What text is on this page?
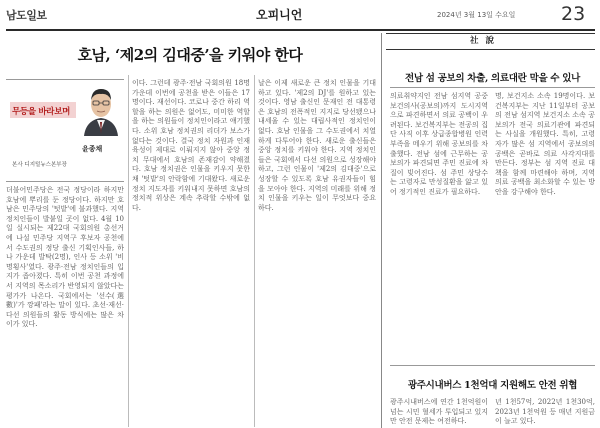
남도일보	오피니언	2024년 3월 13일 수요일 23
호남, ‘제2의 김대중’을 키워야 한다
무등을 바라보며
윤종채
본사 디지털뉴스본부장
더불어민주당은 전국 정당이라 하지만 호남에 뿌리를 둔 정당이다. 하지만 호남은 민주당의 '텃밭'에 불과했다. 지역 정치인들이 발붙일 곳이 없다. 4월 10일 실시되는 제22대 국회의원 총선거에 나설 민주당 지역구 후보자 공천에서 수도권의 정당 출신 기획인사들, 하나 가운데 발탁(2명), 인사 등 소위 '비명횡사'였다. 광주·전남 정치인들의 입지가 좁아졌다. 특히 이번 공천 과정에서 지역의 목소리가 반영되지 않았다는 평가가 나온다. 국회에서는 '선수(選數)'가 깡패'라는 말이 있다. 초선·재선·다선 의원들의 활동 방식에는 많은 차이가 있다.
이다. 그런데 광주·전남 국회의원 18명 가운데 이번에 공천을 받은 이들은 17명이다. 재선이다. 코로나 중간 하리 역할을 하는 의원은 없어도, 미미한 역할을 하는 의원들이 정치인이라고 얘기했다. 소위 호남 정치권의 리더가 보스가 없다는 것이다. 결국 정치 자원과 인재 육성이 제대로 이뤄지지 않아 중앙 정치 무대에서 호남의 존재감이 약해졌다. 호남 정치권은 인물을 키우지 못한 채 '텃밭'의 안락함에 기대왔다. 새로운 정치 지도자를 키워내지 못하면 호남의 정치적 위상은 계속 추락할 수밖에 없다.
날은 이제 새로운 큰 정치 인물을 기대하고 있다. '제2의 DJ'를 원하고 있는 것이다. 영남 출신인 문재인 전 대통령은 호남의 전폭적인 지지로 당선됐으나 내세울 수 있는 대립사적인 정치인이 없다. 호남 인물을 그 수도권에서 치열하게 다투어야 한다. 새로운 출신들은 중앙 정치를 키워야 한다. 지역 정치인들은 국회에서 다선 의원으로 성장해야 하고, 그런 인물이 '제2의 김대중'으로 성장할 수 있도록 호남 유권자들이 힘을 모아야 한다. 지역의 미래를 위해 정치 인물을 키우는 일이 무엇보다 중요하다.
社 說
전남 섬 공보의 차출, 의료대란 막을 수 있나
의료취약지인 전남 섬지역 공중보건의사(공보의)까지 도시지역으로 파견하면서 의료 공백이 우려된다. 보건복지부는 전공의 집단 사직 이후 상급종합병원 인력 부족을 메우기 위해 공보의를 차출했다. 전남 섬에 근무하는 공보의가 파견되면 주민 진료에 차질이 빚어진다. 섬 주민 상당수는 고령자로 만성질환을 앓고 있어 정기적인 진료가 필요하다.
명, 보건지소 소속 19명이다. 보건복지부는 지난 11일부터 공보의 전남 섬지역 보건지소 소속 공보의가 전국 의료기관에 파견되는 사실을 개원했다. 특히, 고령자가 많은 섬 지역에서 공보의의 공백은 곧바로 의료 사각지대를 만든다. 정부는 섬 지역 진료 대책을 함께 마련해야 하며, 지역 의료 공백을 최소화할 수 있는 방안을 강구해야 한다.
광주시내버스 1천억대 지원해도 안전 위협
광주시내버스에 연간 1천억원이 넘는 시민 혈세가 투입되고 있지만 안전 문제는 여전하다.
년 1천57억, 2022년 1천30억, 2023년 1천억원 등 매년 지원금이 늘고 있다.
